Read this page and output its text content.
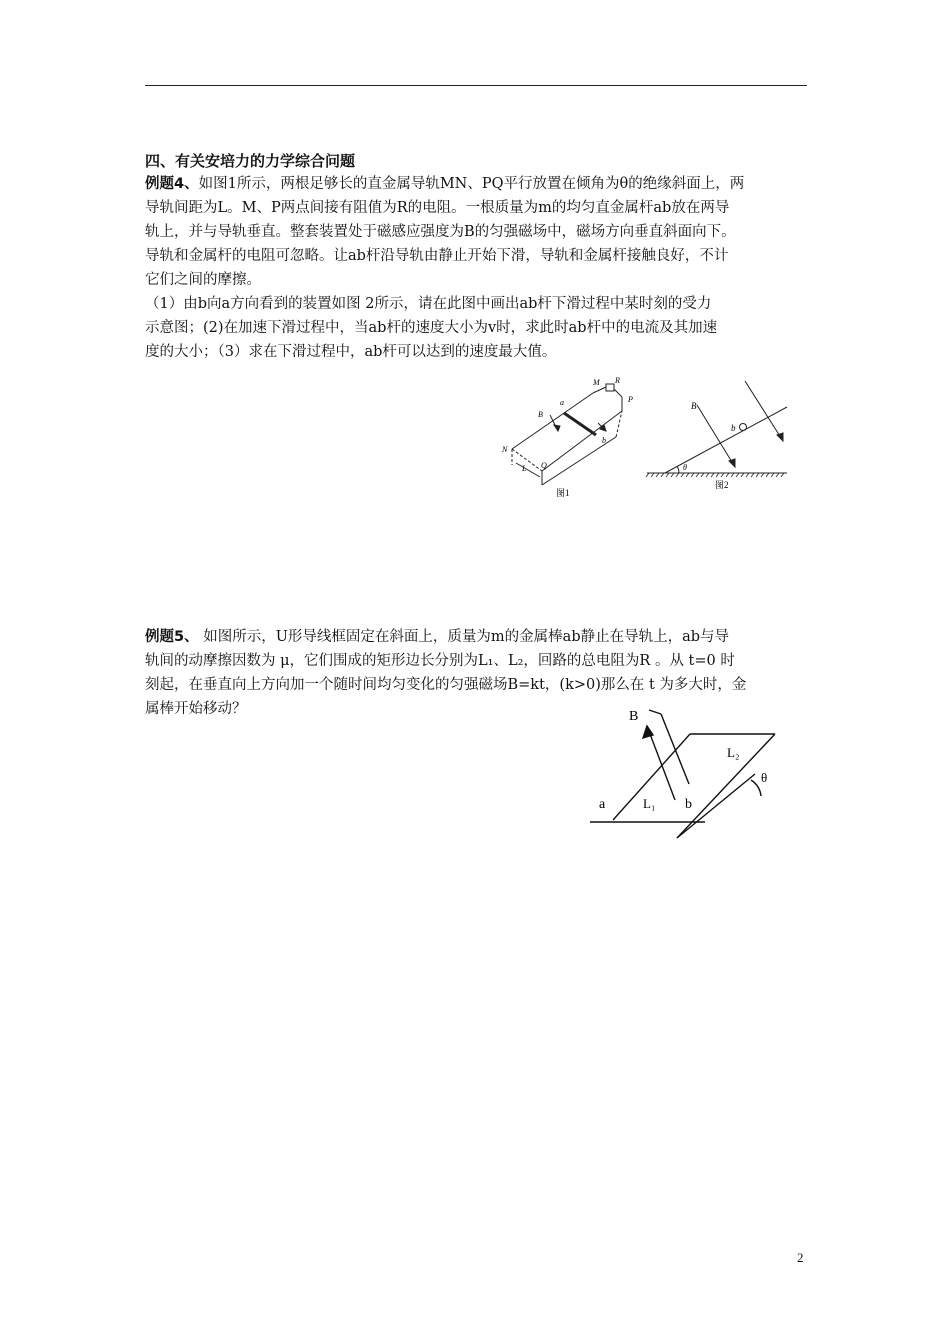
四、有关安培力的力学综合问题
例题4、如图1所示，两根足够长的直金属导轨MN、PQ平行放置在倾角为θ的绝缘斜面上，两
导轨间距为L。M、P两点间接有阻值为R的电阻。一根质量为m的均匀直金属杆ab放在两导
轨上，并与导轨垂直。整套装置处于磁感应强度为B的匀强磁场中，磁场方向垂直斜面向下。
导轨和金属杆的电阻可忽略。让ab杆沿导轨由静止开始下滑，导轨和金属杆接触良好，不计
它们之间的摩擦。
（1）由b向a方向看到的装置如图 2所示，请在此图中画出ab杆下滑过程中某时刻的受力
示意图；(2)在加速下滑过程中，当ab杆的速度大小为v时，求此时ab杆中的电流及其加速
度的大小；（3）求在下滑过程中，ab杆可以达到的速度最大值。
M R
P
B
a
b
N
Q
L
图1
B
b
θ
图2
例题5、 如图所示，U形导线框固定在斜面上，质量为m的金属棒ab静止在导轨上，ab与导
轨间的动摩擦因数为 μ，它们围成的矩形边长分别为L₁、L₂，回路的总电阻为R 。从 t=0 时
刻起，在垂直向上方向加一个随时间均匀变化的匀强磁场B=kt，(k>0)那么在 t 为多大时，金
属棒开始移动？	B
L₂
θ
a	L₁ b
2
